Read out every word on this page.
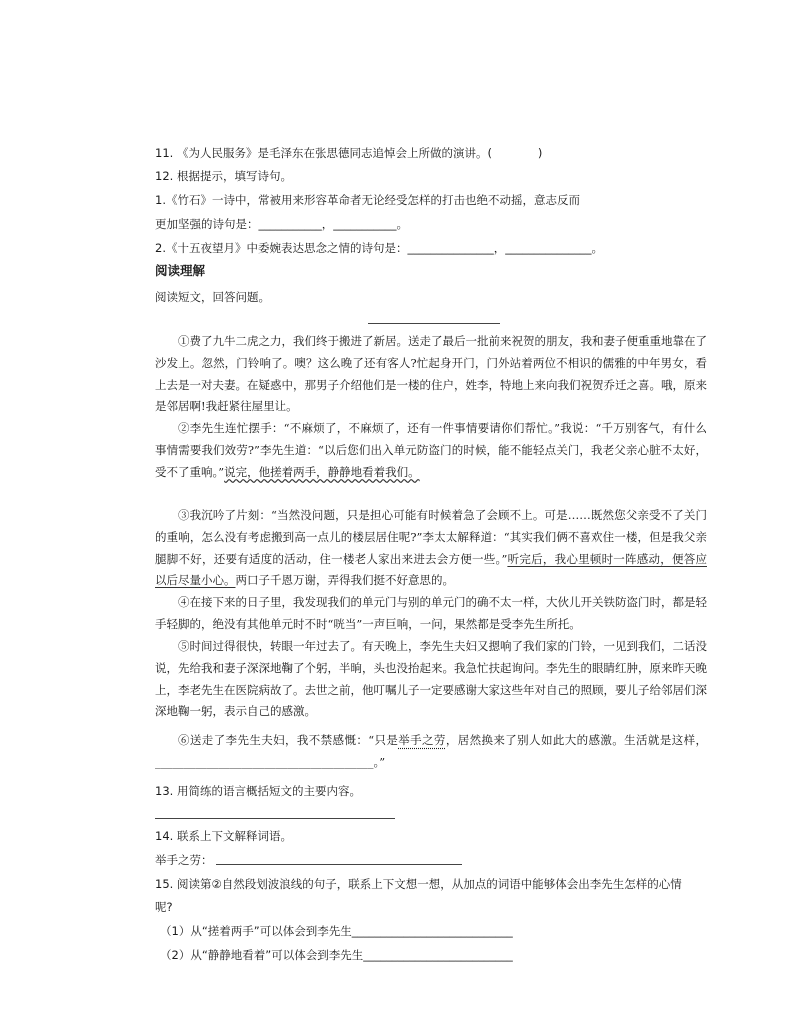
11. 《为人民服务》是毛泽东在张思德同志追悼会上所做的演讲。(　　　　)
12. 根据提示，填写诗句。
1.《竹石》一诗中，常被用来形容革命者无论经受怎样的打击也绝不动摇，意志反而
更加坚强的诗句是：___________，___________。
2.《十五夜望月》中委婉表达思念之情的诗句是：_______________，_______________。
阅读理解
阅读短文，回答问题。
①费了九牛二虎之力，我们终于搬进了新居。送走了最后一批前来祝贺的朋友，我和妻子便重重地靠在了沙发上。忽然，门铃响了。噢？这么晚了还有客人?忙起身开门，门外站着两位不相识的儒雅的中年男女，看上去是一对夫妻。在疑惑中，那男子介绍他们是一楼的住户，姓李，特地上来向我们祝贺乔迁之喜。哦，原来是邻居啊!我赶紧往屋里让。
②李先生连忙摆手：“不麻烦了，不麻烦了，还有一件事情要请你们帮忙。”我说：“千万别客气，有什么事情需要我们效劳?”李先生道：“以后您们出入单元防盗门的时候，能不能轻点关门，我老父亲心脏不太好，受不了重响。”说完，他搓着两手，静静地看着我们。
③我沉吟了片刻：“当然没问题，只是担心可能有时候着急了会顾不上。可是……既然您父亲受不了关门的重响，怎么没有考虑搬到高一点儿的楼层居住呢?”李太太解释道：“其实我们俩不喜欢住一楼，但是我父亲腿脚不好，还要有适度的活动，住一楼老人家出来进去会方便一些。”听完后，我心里顿时一阵感动，便答应以后尽量小心。两口子千恩万谢，弄得我们挺不好意思的。
④在接下来的日子里，我发现我们的单元门与别的单元门的确不太一样，大伙儿开关铁防盗门时，都是轻手轻脚的，绝没有其他单元时不时“咣当”一声巨响，一问，果然都是受李先生所托。
⑤时间过得很快，转眼一年过去了。有天晚上，李先生夫妇又摁响了我们家的门铃，一见到我们，二话没说，先给我和妻子深深地鞠了个躬，半晌，头也没抬起来。我急忙扶起询问。李先生的眼睛红肿，原来昨天晚上，李老先生在医院病故了。去世之前，他叮嘱儿子一定要感谢大家这些年对自己的照顾，要儿子给邻居们深深地鞠一躬，表示自己的感激。
⑥送走了李先生夫妇，我不禁感慨：“只是举手之劳，居然换来了别人如此大的感激。生活就是这样，______________________________________。”
13. 用简练的语言概括短文的主要内容。
14. 联系上下文解释词语。
举手之劳：
15. 阅读第②自然段划波浪线的句子，联系上下文想一想，从加点的词语中能够体会出李先生怎样的心情
呢?
（1）从“搓着两手”可以体会到李先生____________________________
（2）从“静静地看着”可以体会到李先生__________________________
